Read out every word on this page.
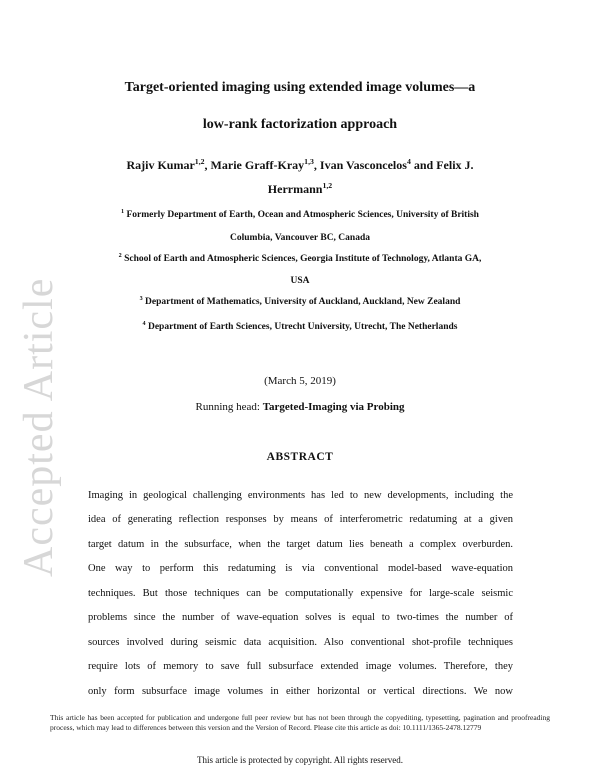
Accepted Article
Target-oriented imaging using extended image volumes—a
low-rank factorization approach
Rajiv Kumar$^{1,2}$, Marie Graff-Kray$^{1,3}$, Ivan Vasconcelos$^4$ and Felix J.
Herrmann$^{1,2}$
$^1$ Formerly Department of Earth, Ocean and Atmospheric Sciences, University of British
Columbia, Vancouver BC, Canada
$^2$ School of Earth and Atmospheric Sciences, Georgia Institute of Technology, Atlanta GA,
USA
$^3$ Department of Mathematics, University of Auckland, Auckland, New Zealand
$^4$ Department of Earth Sciences, Utrecht University, Utrecht, The Netherlands
(March 5, 2019)
Running head: Targeted-Imaging via Probing
ABSTRACT
Imaging in geological challenging environments has led to new developments, including the
idea of generating reflection responses by means of interferometric redatuming at a given
target datum in the subsurface, when the target datum lies beneath a complex overburden.
One way to perform this redatuming is via conventional model-based wave-equation
techniques. But those techniques can be computationally expensive for large-scale seismic
problems since the number of wave-equation solves is equal to two-times the number of
sources involved during seismic data acquisition. Also conventional shot-profile techniques
require lots of memory to save full subsurface extended image volumes. Therefore, they
only form subsurface image volumes in either horizontal or vertical directions. We now
This article has been accepted for publication and undergone full peer review but has not been through the copyediting, typesetting, pagination and proofreading process, which may lead to differences between this version and the Version of Record. Please cite this article as doi: 10.1111/1365-2478.12779
This article is protected by copyright. All rights reserved.
